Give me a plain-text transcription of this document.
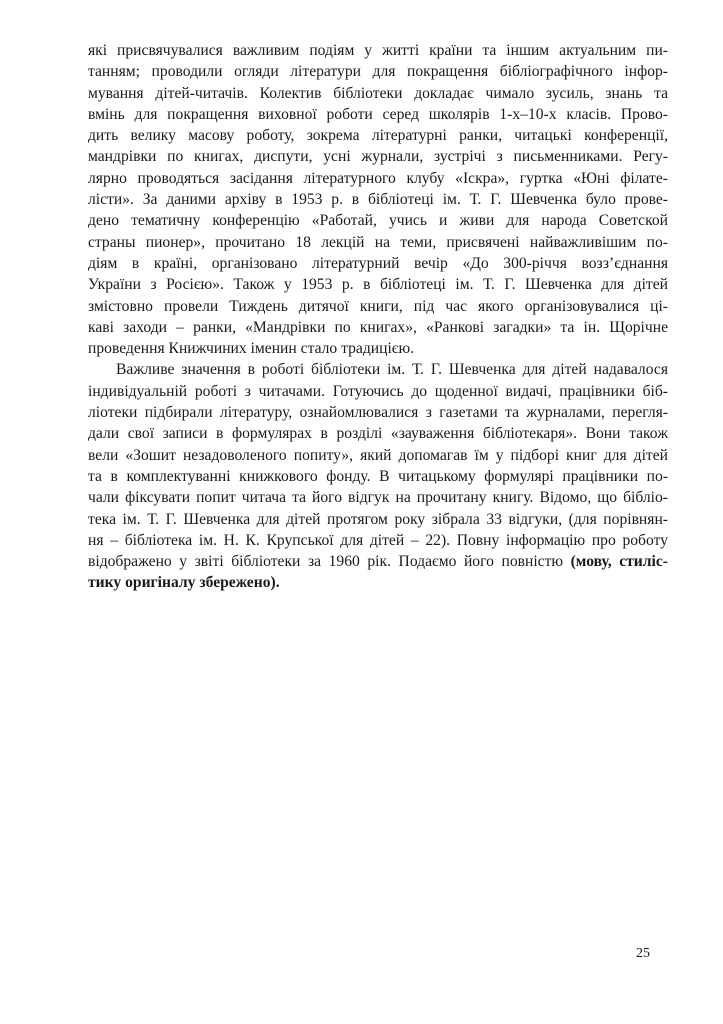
які присвячувалися важливим подіям у житті країни та іншим актуальним пи-
танням; проводили огляди літератури для покращення бібліографічного інфор-
мування дітей-читачів. Колектив бібліотеки докладає чимало зусиль, знань та
вмінь для покращення виховної роботи серед школярів 1-х–10-х класів. Прово-
дить велику масову роботу, зокрема літературні ранки, читацькі конференції,
мандрівки по книгах, диспути, усні журнали, зустрічі з письменниками. Регу-
лярно проводяться засідання літературного клубу «Іскра», гуртка «Юні філате-
лісти». За даними архіву в 1953 р. в бібліотеці ім. Т. Г. Шевченка було прове-
дено тематичну конференцію «Работай, учись и живи для народа Советской
страны пионер», прочитано 18 лекцій на теми, присвячені найважливішим по-
діям в країні, організовано літературний вечір «До 300-річчя возз’єднання
України з Росією». Також у 1953 р. в бібліотеці ім. Т. Г. Шевченка для дітей
змістовно провели Тиждень дитячої книги, під час якого організовувалися ці-
каві заходи – ранки, «Мандрівки по книгах», «Ранкові загадки» та ін. Щорічне
проведення Книжчиних іменин стало традицією.
Важливе значення в роботі бібліотеки ім. Т. Г. Шевченка для дітей надавалося
індивідуальній роботі з читачами. Готуючись до щоденної видачі, працівники біб-
ліотеки підбирали літературу, ознайомлювалися з газетами та журналами, перегля-
дали свої записи в формулярах в розділі «зауваження бібліотекаря». Вони також
вели «Зошит незадоволеного попиту», який допомагав їм у підборі книг для дітей
та в комплектуванні книжкового фонду. В читацькому формулярі працівники по-
чали фіксувати попит читача та його відгук на прочитану книгу. Відомо, що бібліо-
тека ім. Т. Г. Шевченка для дітей протягом року зібрала 33 відгуки, (для порівнян-
ня – бібліотека ім. Н. К. Крупської для дітей – 22). Повну інформацію про роботу
відображено у звіті бібліотеки за 1960 рік. Подаємо його повністю (мову, стиліс-
тику оригіналу збережено).
25
